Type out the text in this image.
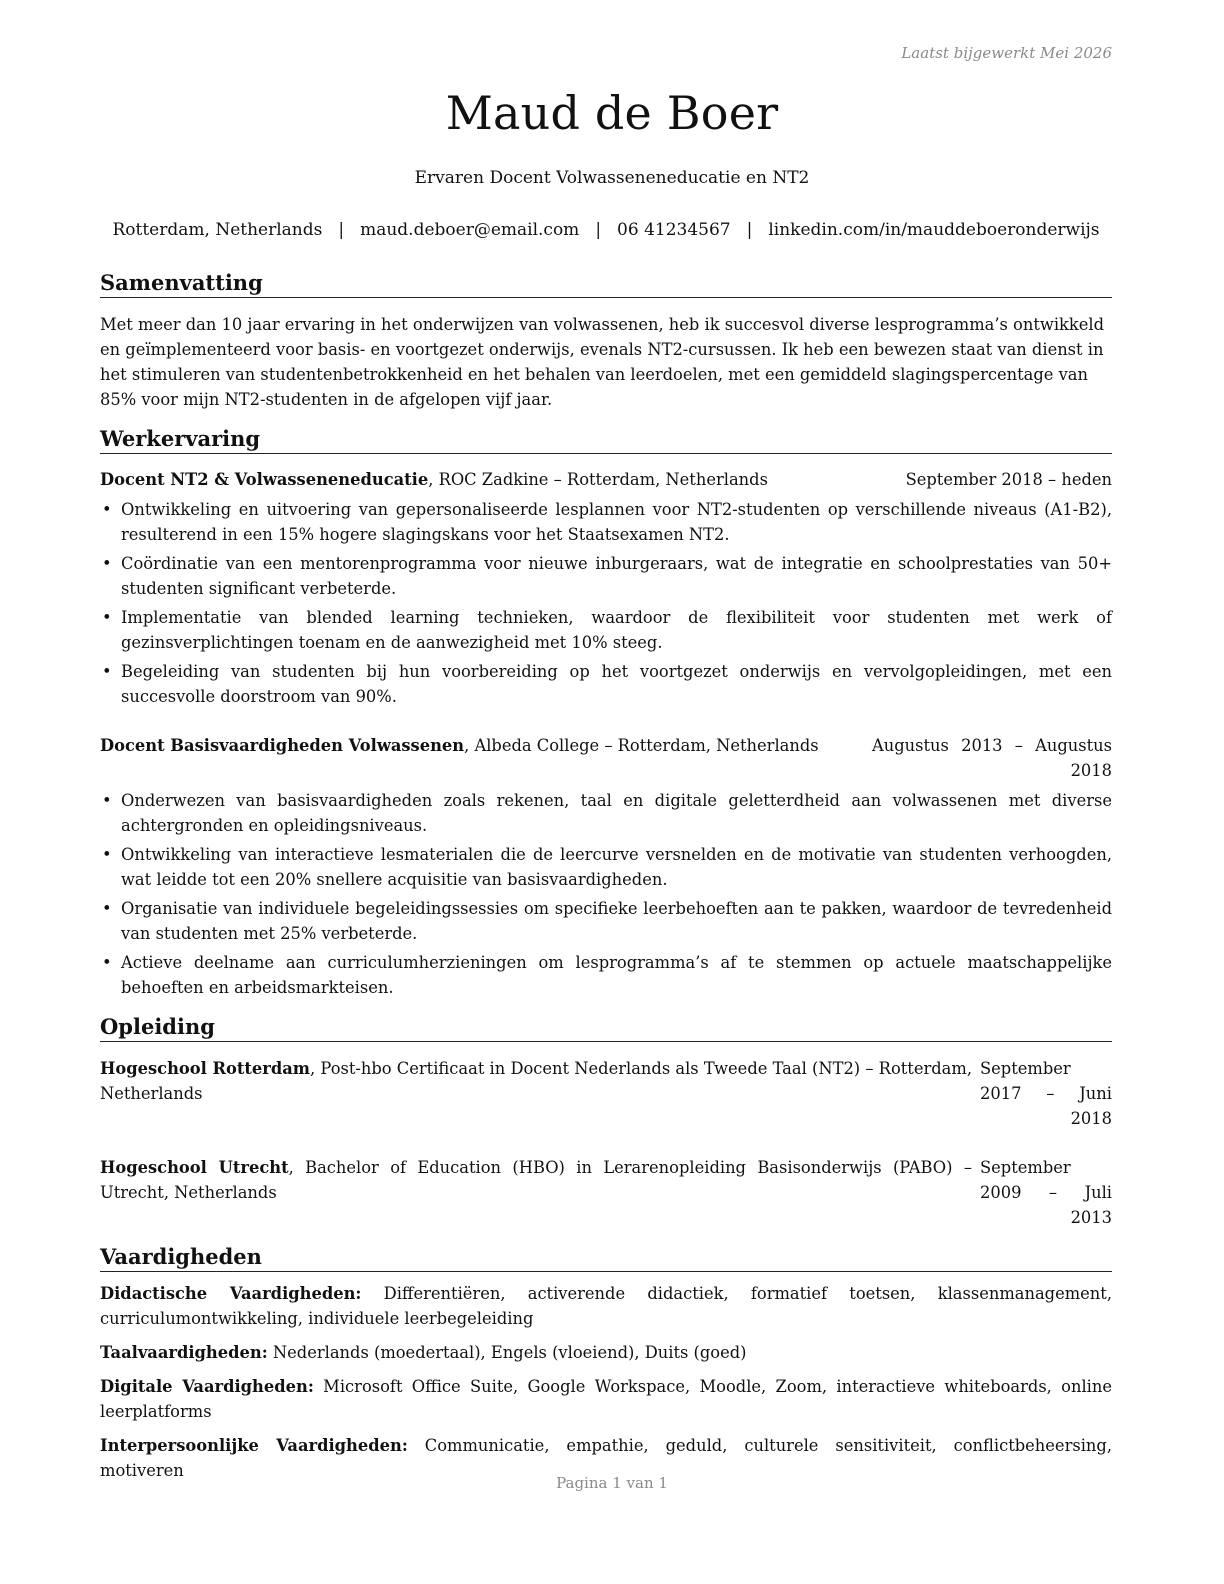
Laatst bijgewerkt Mei 2026
Maud de Boer
Ervaren Docent Volwasseneneducatie en NT2
Rotterdam, Netherlands | maud.deboer@email.com | 06 41234567 | linkedin.com/in/mauddeboeronderwijs
Samenvatting

Met meer dan 10 jaar ervaring in het onderwijzen van volwassenen, heb ik succesvol diverse lesprogramma’s ontwikkeld en geïmplementeerd voor basis- en voortgezet onderwijs, evenals NT2-cursussen. Ik heb een bewezen staat van dienst in het stimuleren van studentenbetrokkenheid en het behalen van leerdoelen, met een gemiddeld slagingspercentage van 85% voor mijn NT2-studenten in de afgelopen vijf jaar.

Werkervaring
Docent NT2 & Volwasseneneducatie, ROC Zadkine – Rotterdam, Netherlands	September 2018 – heden
• Ontwikkeling en uitvoering van gepersonaliseerde lesplannen voor NT2-studenten op verschillende niveaus (A1-B2), resulterend in een 15% hogere slagingskans voor het Staatsexamen NT2.
• Coördinatie van een mentorenprogramma voor nieuwe inburgeraars, wat de integratie en schoolprestaties van 50+ studenten significant verbeterde.
• Implementatie van blended learning technieken, waardoor de flexibiliteit voor studenten met werk of gezinsverplichtingen toenam en de aanwezigheid met 10% steeg.
• Begeleiding van studenten bij hun voorbereiding op het voortgezet onderwijs en vervolgopleidingen, met een succesvolle doorstroom van 90%.
Docent Basisvaardigheden Volwassenen, Albeda College – Rotterdam, Netherlands	Augustus 2013 – Augustus 2018
• Onderwezen van basisvaardigheden zoals rekenen, taal en digitale geletterdheid aan volwassenen met diverse achtergronden en opleidingsniveaus.
• Ontwikkeling van interactieve lesmaterialen die de leercurve versnelden en de motivatie van studenten verhoogden, wat leidde tot een 20% snellere acquisitie van basisvaardigheden.
• Organisatie van individuele begeleidingssessies om specifieke leerbehoeften aan te pakken, waardoor de tevredenheid van studenten met 25% verbeterde.
• Actieve deelname aan curriculumherzieningen om lesprogramma’s af te stemmen op actuele maatschappelijke behoeften en arbeidsmarkteisen.
Opleiding
Hogeschool Rotterdam, Post-hbo Certificaat in Docent Nederlands als Tweede Taal (NT2) – Rotterdam, Netherlands
September 2017 – Juni 2018
Hogeschool Utrecht, Bachelor of Education (HBO) in Lerarenopleiding Basisonderwijs (PABO) – Utrecht, Netherlands
September 2009 – Juli 2013
Vaardigheden
Didactische Vaardigheden: Differentiëren, activerende didactiek, formatief toetsen, klassenmanagement, curriculumontwikkeling, individuele leerbegeleiding
Taalvaardigheden: Nederlands (moedertaal), Engels (vloeiend), Duits (goed)
Digitale Vaardigheden: Microsoft Office Suite, Google Workspace, Moodle, Zoom, interactieve whiteboards, online leerplatforms
Interpersoonlijke Vaardigheden: Communicatie, empathie, geduld, culturele sensitiviteit, conflictbeheersing, motiveren
Pagina 1 van 1
